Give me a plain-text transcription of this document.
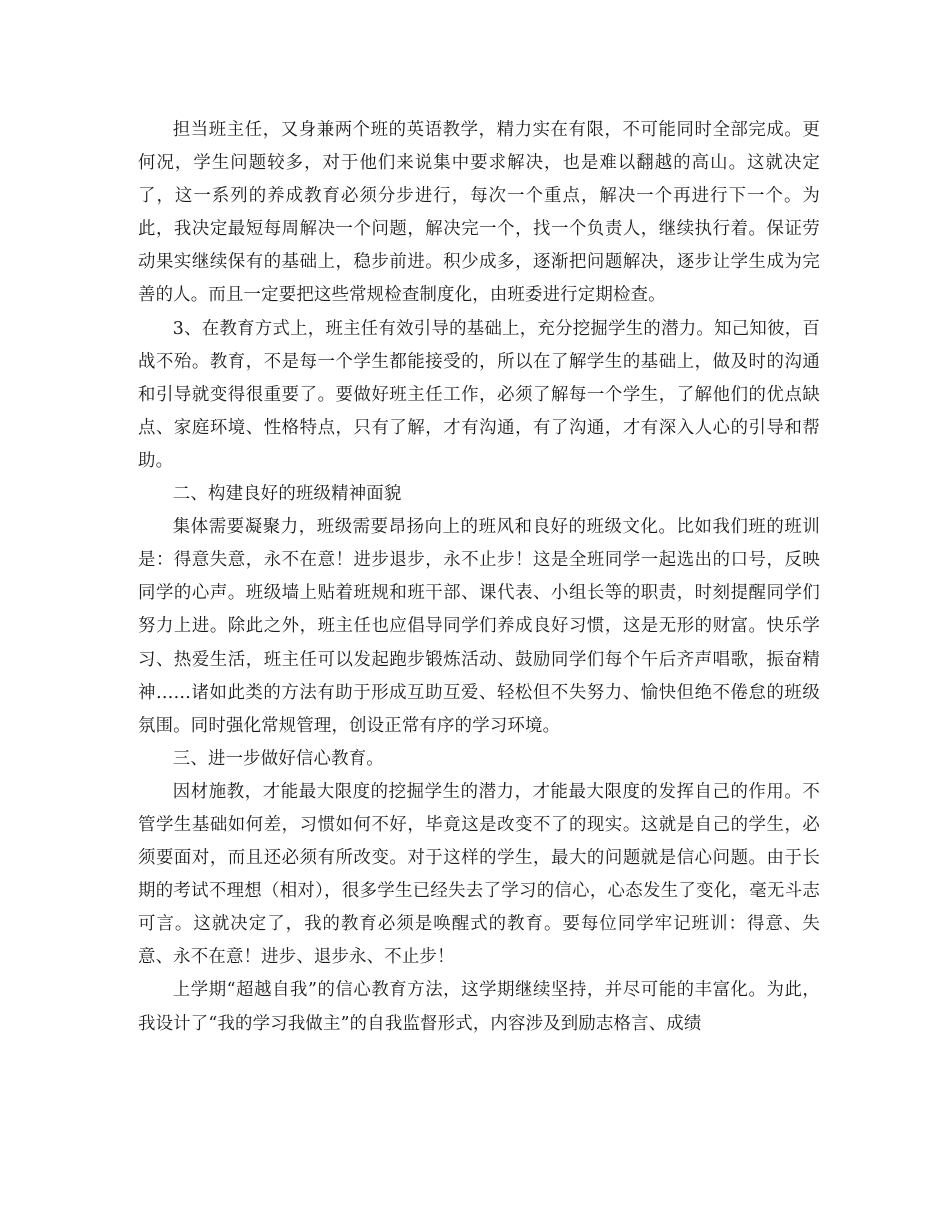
担当班主任，又身兼两个班的英语教学，精力实在有限，不可能同时全部完成。更何况，学生问题较多，对于他们来说集中要求解决，也是难以翻越的高山。这就决定了，这一系列的养成教育必须分步进行，每次一个重点，解决一个再进行下一个。为此，我决定最短每周解决一个问题，解决完一个，找一个负责人，继续执行着。保证劳动果实继续保有的基础上，稳步前进。积少成多，逐渐把问题解决，逐步让学生成为完善的人。而且一定要把这些常规检查制度化，由班委进行定期检查。

3、在教育方式上，班主任有效引导的基础上，充分挖掘学生的潜力。知己知彼，百战不殆。教育，不是每一个学生都能接受的，所以在了解学生的基础上，做及时的沟通和引导就变得很重要了。要做好班主任工作，必须了解每一个学生，了解他们的优点缺点、家庭环境、性格特点，只有了解，才有沟通，有了沟通，才有深入人心的引导和帮助。

二、构建良好的班级精神面貌

集体需要凝聚力，班级需要昂扬向上的班风和良好的班级文化。比如我们班的班训是：得意失意，永不在意！进步退步，永不止步！这是全班同学一起选出的口号，反映同学的心声。班级墙上贴着班规和班干部、课代表、小组长等的职责，时刻提醒同学们努力上进。除此之外，班主任也应倡导同学们养成良好习惯，这是无形的财富。快乐学习、热爱生活，班主任可以发起跑步锻炼活动、鼓励同学们每个午后齐声唱歌，振奋精神……诸如此类的方法有助于形成互助互爱、轻松但不失努力、愉快但绝不倦怠的班级氛围。同时强化常规管理，创设正常有序的学习环境。

三、进一步做好信心教育。

因材施教，才能最大限度的挖掘学生的潜力，才能最大限度的发挥自己的作用。不管学生基础如何差，习惯如何不好，毕竟这是改变不了的现实。这就是自己的学生，必须要面对，而且还必须有所改变。对于这样的学生，最大的问题就是信心问题。由于长期的考试不理想（相对），很多学生已经失去了学习的信心，心态发生了变化，毫无斗志可言。这就决定了，我的教育必须是唤醒式的教育。要每位同学牢记班训：得意、失意、永不在意！进步、退步永、不止步！

上学期“超越自我”的信心教育方法，这学期继续坚持，并尽可能的丰富化。为此，我设计了“我的学习我做主”的自我监督形式，内容涉及到励志格言、成绩
